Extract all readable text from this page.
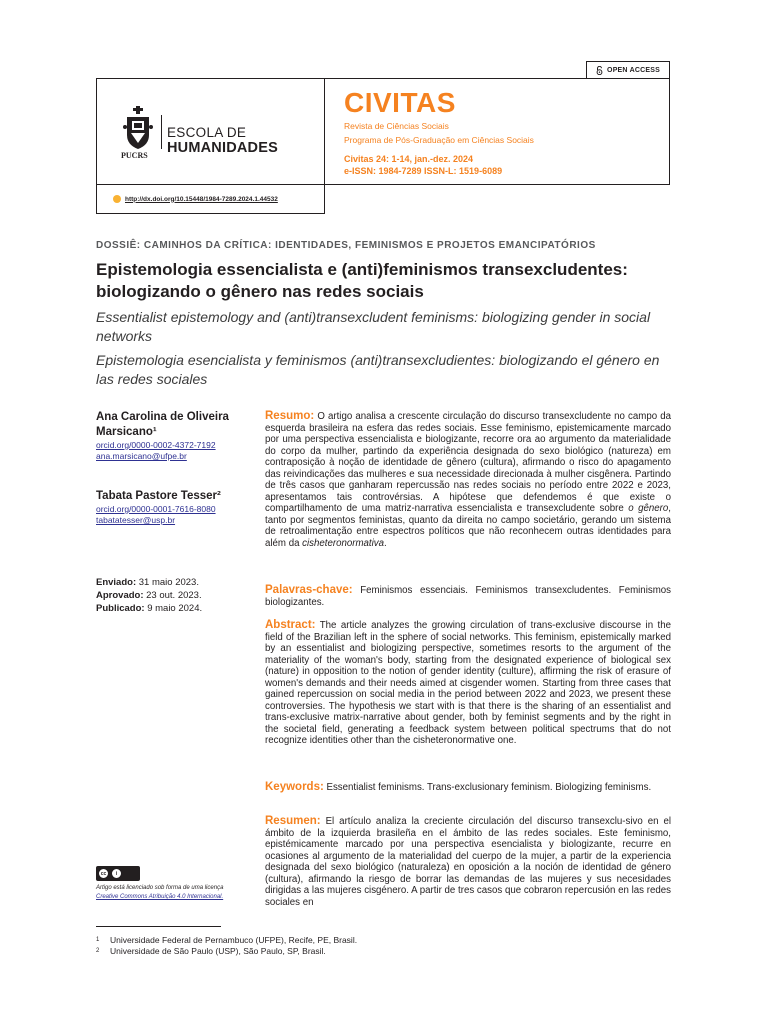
OPEN ACCESS
PUCRS
ESCOLA DE
HUMANIDADES
CIVITAS
Revista de Ciências Sociais
Programa de Pós-Graduação em Ciências Sociais
Civitas 24: 1-14, jan.-dez. 2024
e-ISSN: 1984-7289 ISSN-L: 1519-6089
http://dx.doi.org/10.15448/1984-7289.2024.1.44532
DOSSIÊ: CAMINHOS DA CRÍTICA: IDENTIDADES, FEMINISMOS E PROJETOS EMANCIPATÓRIOS
Epistemologia essencialista e (anti)feminismos transexcludentes: biologizando o gênero nas redes sociais
Essentialist epistemology and (anti)transexcludent feminisms: biologizing gender in social networks
Epistemologia esencialista y feminismos (anti)transexcludientes: biologizando el género en las redes sociales
Ana Carolina de Oliveira Marsicano¹
orcid.org/0000-0002-4372-7192
ana.marsicano@ufpe.br
Tabata Pastore Tesser²
orcid.org/0000-0001-7616-8080
tabatatesser@usp.br
Enviado: 31 maio 2023.
Aprovado: 23 out. 2023.
Publicado: 9 maio 2024.
cc	i
Artigo está licenciado sob forma de uma licença
Creative Commons Atribuição 4.0 Internacional.
Resumo: O artigo analisa a crescente circulação do discurso transexcludente no campo da esquerda brasileira na esfera das redes sociais. Esse feminismo, epistemicamente marcado por uma perspectiva essencialista e biologizante, recorre ora ao argumento da materialidade do corpo da mulher, partindo da experiência designada do sexo biológico (natureza) em contraposição à noção de identidade de gênero (cultura), afirmando o risco do apagamento das reivindicações das mulheres e sua necessidade direcionada à mulher cisgênera. Partindo de três casos que ganharam repercussão nas redes sociais no período entre 2022 e 2023, apresentamos tais controvérsias. A hipótese que defendemos é que existe o compartilhamento de uma matriz-narrativa essencialista e transexcludente sobre o gênero, tanto por segmentos feministas, quanto da direita no campo societário, gerando um sistema de retroalimentação entre espectros políticos que não reconhecem outras identidades para além da cisheteronormativa.
Palavras-chave: Feminismos essenciais. Feminismos transexcludentes. Feminismos biologizantes.
Abstract: The article analyzes the growing circulation of trans-exclusive discourse in the field of the Brazilian left in the sphere of social networks. This feminism, epistemically marked by an essentialist and biologizing perspective, sometimes resorts to the argument of the materiality of the woman's body, starting from the designated experience of biological sex (nature) in opposition to the notion of gender identity (culture), affirming the risk of erasure of women's demands and their needs aimed at cisgender women. Starting from three cases that gained repercussion on social media in the period between 2022 and 2023, we present these controversies. The hypothesis we start with is that there is the sharing of an essentialist and trans-exclusive matrix-narrative about gender, both by feminist segments and by the right in the societal field, generating a feedback system between political spectrums that do not recognize identities other than the cisheteronormative one.
Keywords: Essentialist feminisms. Trans-exclusionary feminism. Biologizing feminisms.
Resumen: El artículo analiza la creciente circulación del discurso transexclu-sivo en el ámbito de la izquierda brasileña en el ámbito de las redes sociales. Este feminismo, epistémicamente marcado por una perspectiva esencialista y biologizante, recurre en ocasiones al argumento de la materialidad del cuerpo de la mujer, a partir de la experiencia designada del sexo biológico (naturaleza) en oposición a la noción de identidad de género (cultura), afirmando la riesgo de borrar las demandas de las mujeres y sus necesidades dirigidas a las mujeres cisgénero. A partir de tres casos que cobraron repercusión en las redes sociales en
1	Universidade Federal de Pernambuco (UFPE), Recife, PE, Brasil.
2	Universidade de São Paulo (USP), São Paulo, SP, Brasil.
